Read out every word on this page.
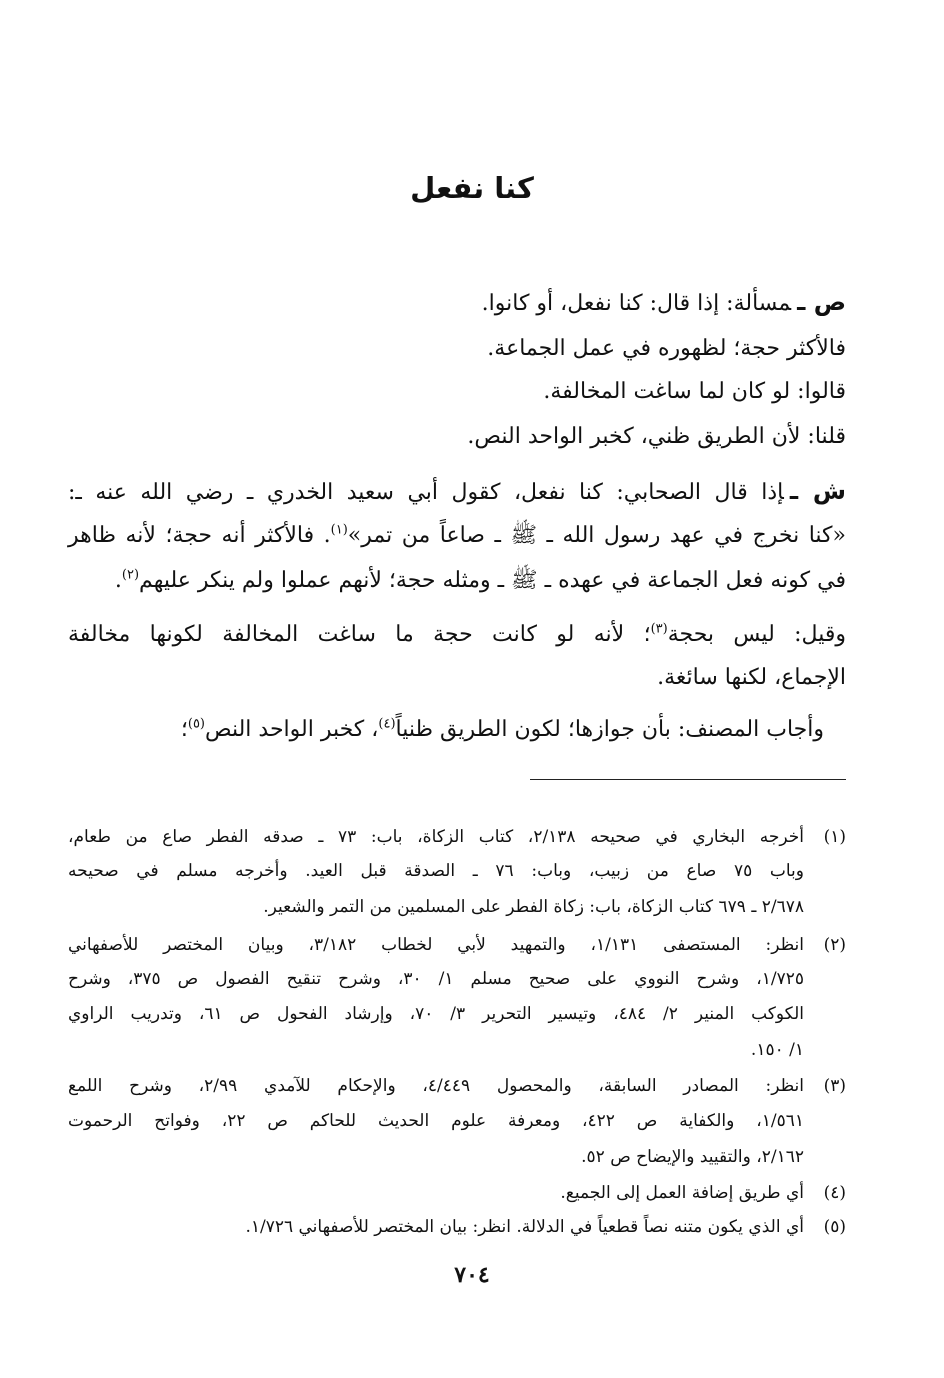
كنا نفعل
ص ـمسألة: إذا قال: كنا نفعل، أو كانوا.
فالأكثر حجة؛ لظهوره في عمل الجماعة.
قالوا: لو كان لما ساغت المخالفة.
قلنا: لأن الطريق ظني، كخبر الواحد النص.
ش ـإذا قال الصحابي: كنا نفعل، كقول أبي سعيد الخدري ـ رضي الله عنه ـ:
«كنا نخرج في عهد رسول الله ـ ﷺ ـ صاعاً من تمر»$^{(١)}$. فالأكثر أنه حجة؛ لأنه ظاهر
في كونه فعل الجماعة في عهده ـ ﷺ ـ ومثله حجة؛ لأنهم عملوا ولم ينكر عليهم$^{(٢)}$.
وقيل: ليس بحجة$^{(٣)}$؛ لأنه لو كانت حجة ما ساغت المخالفة لكونها مخالفة
الإجماع، لكنها سائغة.
وأجاب المصنف: بأن جوازها؛ لكون الطريق ظنياً$^{(٤)}$، كخبر الواحد النص$^{(٥)}$؛
(١)
أخرجه البخاري في صحيحه ٢/١٣٨، كتاب الزكاة، باب: ٧٣ ـ صدقه الفطر صاع من طعام،
وباب ٧٥ صاع من زبيب، وباب: ٧٦ ـ الصدقة قبل العيد. وأخرجه مسلم في صحيحه
٢/٦٧٨ ـ ٦٧٩ كتاب الزكاة، باب: زكاة الفطر على المسلمين من التمر والشعير.
(٢)
انظر: المستصفى ١/١٣١، والتمهيد لأبي لخطاب ٣/١٨٢، وبيان المختصر للأصفهاني
١/٧٢٥، وشرح النووي على صحيح مسلم ١/ ٣٠، وشرح تنقيح الفصول ص ٣٧٥، وشرح
الكوكب المنير ٢/ ٤٨٤، وتيسير التحرير ٣/ ٧٠، وإرشاد الفحول ص ٦١، وتدريب الراوي
١/ ١٥٠.
(٣)
انظر: المصادر السابقة، والمحصول ٤/٤٤٩، والإحكام للآمدي ٢/٩٩، وشرح اللمع
١/٥٦١، والكفاية ص ٤٢٢، ومعرفة علوم الحديث للحاكم ص ٢٢، وفواتح الرحموت
٢/١٦٢، والتقييد والإيضاح ص ٥٢.
(٤)
أي طريق إضافة العمل إلى الجميع.
(٥)
أي الذي يكون متنه نصاً قطعياً في الدلالة. انظر: بيان المختصر للأصفهاني ١/٧٢٦.
٧٠٤
